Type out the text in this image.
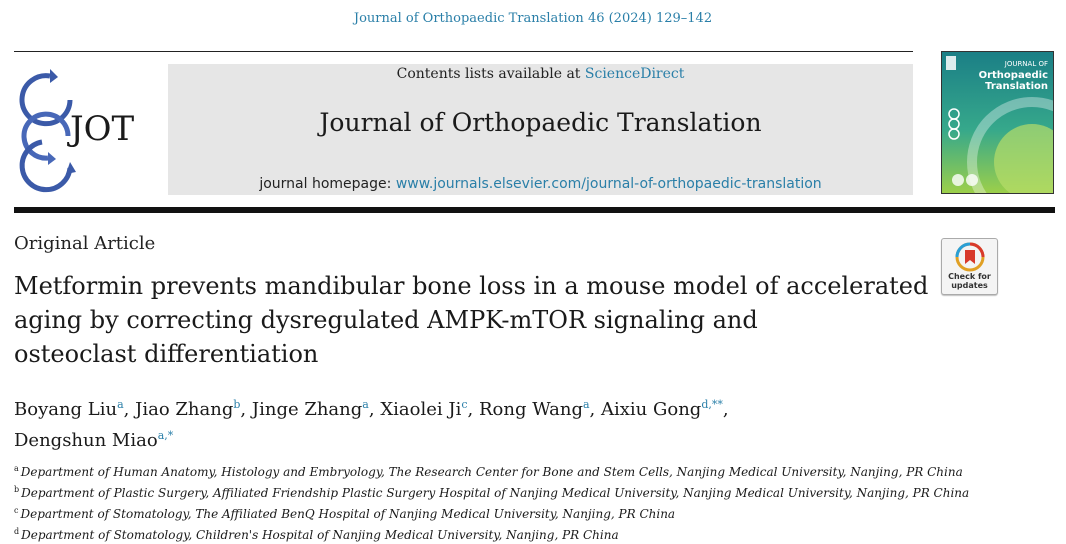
Journal of Orthopaedic Translation 46 (2024) 129–142
JOT
Contents lists available at ScienceDirect
Journal of Orthopaedic Translation
journal homepage: www.journals.elsevier.com/journal-of-orthopaedic-translation
JOURNAL OF
Orthopaedic
Translation
Original Article
Check for
updates
Metformin prevents mandibular bone loss in a mouse model of accelerated
aging by correcting dysregulated AMPK-mTOR signaling and
osteoclast differentiation
Boyang Liu$^a$, Jiao Zhang$^b$, Jinge Zhang$^a$, Xiaolei Ji$^c$, Rong Wang$^a$, Aixiu Gong$^{d,**}$,
Dengshun Miao$^{a,*}$
$^a$ Department of Human Anatomy, Histology and Embryology, The Research Center for Bone and Stem Cells, Nanjing Medical University, Nanjing, PR China
$^b$ Department of Plastic Surgery, Affiliated Friendship Plastic Surgery Hospital of Nanjing Medical University, Nanjing Medical University, Nanjing, PR China
$^c$ Department of Stomatology, The Affiliated BenQ Hospital of Nanjing Medical University, Nanjing, PR China
$^d$ Department of Stomatology, Children's Hospital of Nanjing Medical University, Nanjing, PR China
